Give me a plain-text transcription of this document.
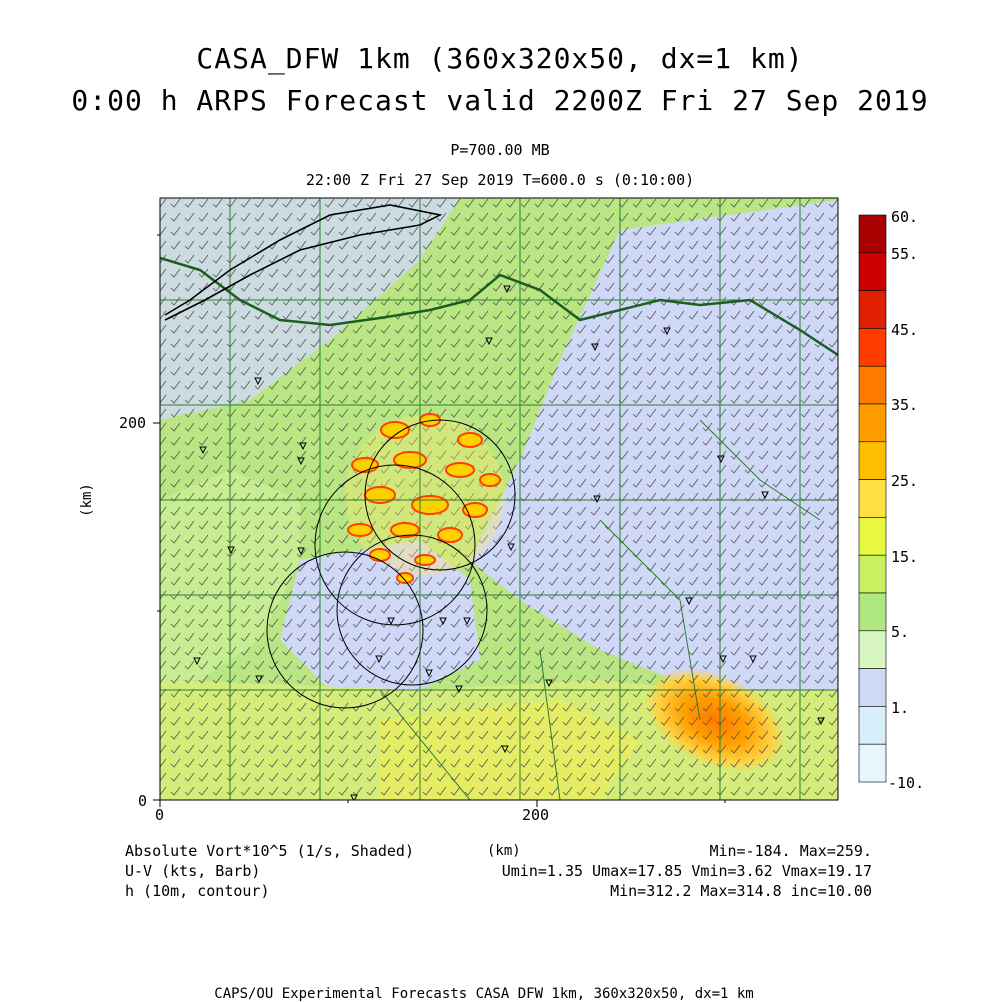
CASA_DFW 1km (360x320x50, dx=1 km)
0:00 h ARPS Forecast valid 2200Z Fri 27 Sep 2019
P=700.00 MB
22:00 Z Fri 27 Sep 2019 T=600.0 s (0:10:00)
200
0
0	200
(km)
(km)
60.
55.
45.
35.
25.
15.
5.
1.
-10.
Absolute Vort*10^5 (1/s, Shaded)
U-V (kts, Barb)
h (10m, contour)
Min=-184. Max=259.
Umin=1.35 Umax=17.85 Vmin=3.62 Vmax=19.17
Min=312.2 Max=314.8 inc=10.00
CAPS/OU Experimental Forecasts CASA DFW 1km, 360x320x50, dx=1 km
